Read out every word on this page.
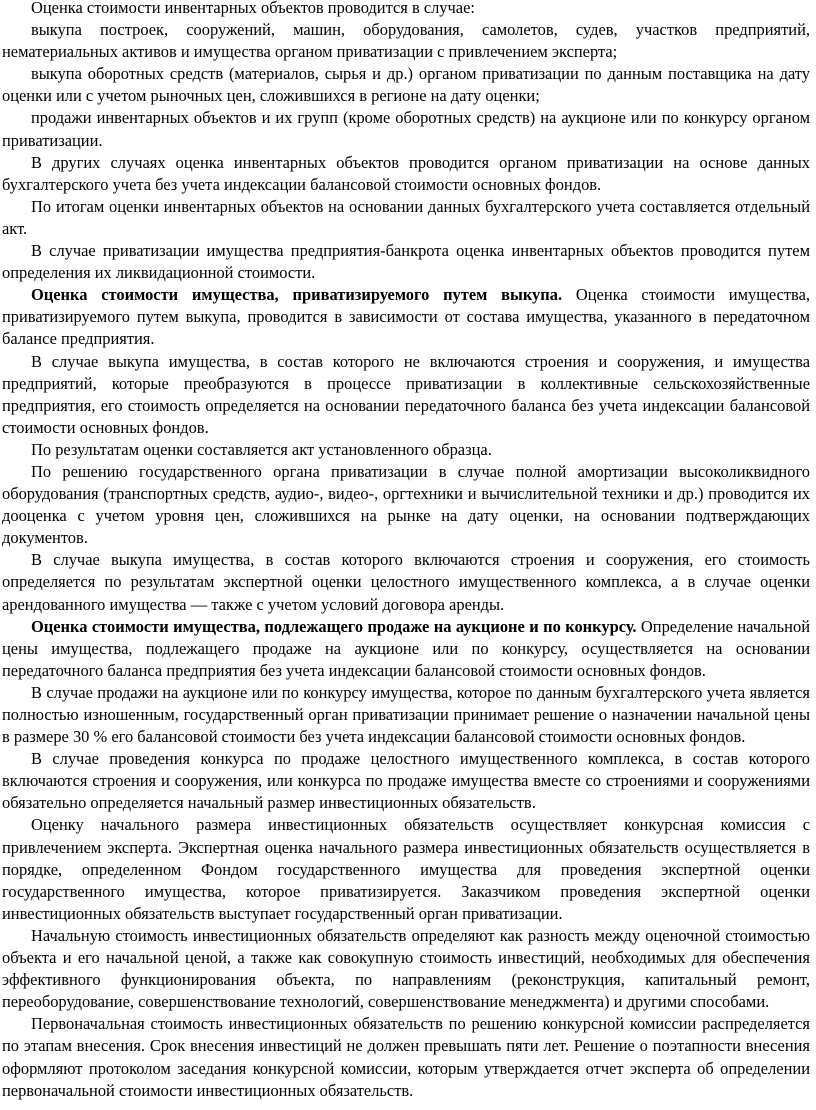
Оценка стоимости инвентарных объектов проводится в случае:

выкупа построек, сооружений, машин, оборудования, самолетов, судев, участков предприятий, нематериальных активов и имущества органом приватизации с привлечением эксперта;

выкупа оборотных средств (материалов, сырья и др.) органом приватизации по данным поставщика на дату оценки или с учетом рыночных цен, сложившихся в регионе на дату оценки;

продажи инвентарных объектов и их групп (кроме оборотных средств) на аукционе или по конкурсу органом приватизации.

В других случаях оценка инвентарных объектов проводится органом приватизации на основе данных бухгалтерского учета без учета индексации балансовой стоимости основных фондов.

По итогам оценки инвентарных объектов на основании данных бухгалтерского учета составляется отдельный акт.

В случае приватизации имущества предприятия-банкрота оценка инвентарных объектов проводится путем определения их ликвидационной стоимости.

Оценка стоимости имущества, приватизируемого путем выкупа. Оценка стоимости имущества, приватизируемого путем выкупа, проводится в зависимости от состава имущества, указанного в передаточном балансе предприятия.

В случае выкупа имущества, в состав которого не включаются строения и сооружения, и имущества предприятий, которые преобразуются в процессе приватизации в коллективные сельскохозяйственные предприятия, его стоимость определяется на основании передаточного баланса без учета индексации балансовой стоимости основных фондов.

По результатам оценки составляется акт установленного образца.

По решению государственного органа приватизации в случае полной амортизации высоколиквидного оборудования (транспортных средств, аудио-, видео-, оргтехники и вычислительной техники и др.) проводится их дооценка с учетом уровня цен, сложившихся на рынке на дату оценки, на основании подтверждающих документов.

В случае выкупа имущества, в состав которого включаются строения и сооружения, его стоимость определяется по результатам экспертной оценки целостного имущественного комплекса, а в случае оценки арендованного имущества — также с учетом условий договора аренды.

Оценка стоимости имущества, подлежащего продаже на аукционе и по конкурсу. Определение начальной цены имущества, подлежащего продаже на аукционе или по конкурсу, осуществляется на основании передаточного баланса предприятия без учета индексации балансовой стоимости основных фондов.

В случае продажи на аукционе или по конкурсу имущества, которое по данным бухгалтерского учета является полностью изношенным, государственный орган приватизации принимает решение о назначении начальной цены в размере 30 % его балансовой стоимости без учета индексации балансовой стоимости основных фондов.

В случае проведения конкурса по продаже целостного имущественного комплекса, в состав которого включаются строения и сооружения, или конкурса по продаже имущества вместе со строениями и сооружениями обязательно определяется начальный размер инвестиционных обязательств.

Оценку начального размера инвестиционных обязательств осуществляет конкурсная комиссия с привлечением эксперта. Экспертная оценка начального размера инвестиционных обязательств осуществляется в порядке, определенном Фондом государственного имущества для проведения экспертной оценки государственного имущества, которое приватизируется. Заказчиком проведения экспертной оценки инвестиционных обязательств выступает государственный орган приватизации.

Начальную стоимость инвестиционных обязательств определяют как разность между оценочной стоимостью объекта и его начальной ценой, а также как совокупную стоимость инвестиций, необходимых для обеспечения эффективного функционирования объекта, по направлениям (реконструкция, капитальный ремонт, переоборудование, совершенствование технологий, совершенствование менеджмента) и другими способами.

Первоначальная стоимость инвестиционных обязательств по решению конкурсной комиссии распределяется по этапам внесения. Срок внесения инвестиций не должен превышать пяти лет. Решение о поэтапности внесения оформляют протоколом заседания конкурсной комиссии, которым утверждается отчет эксперта об определении первоначальной стоимости инвестиционных обязательств.
